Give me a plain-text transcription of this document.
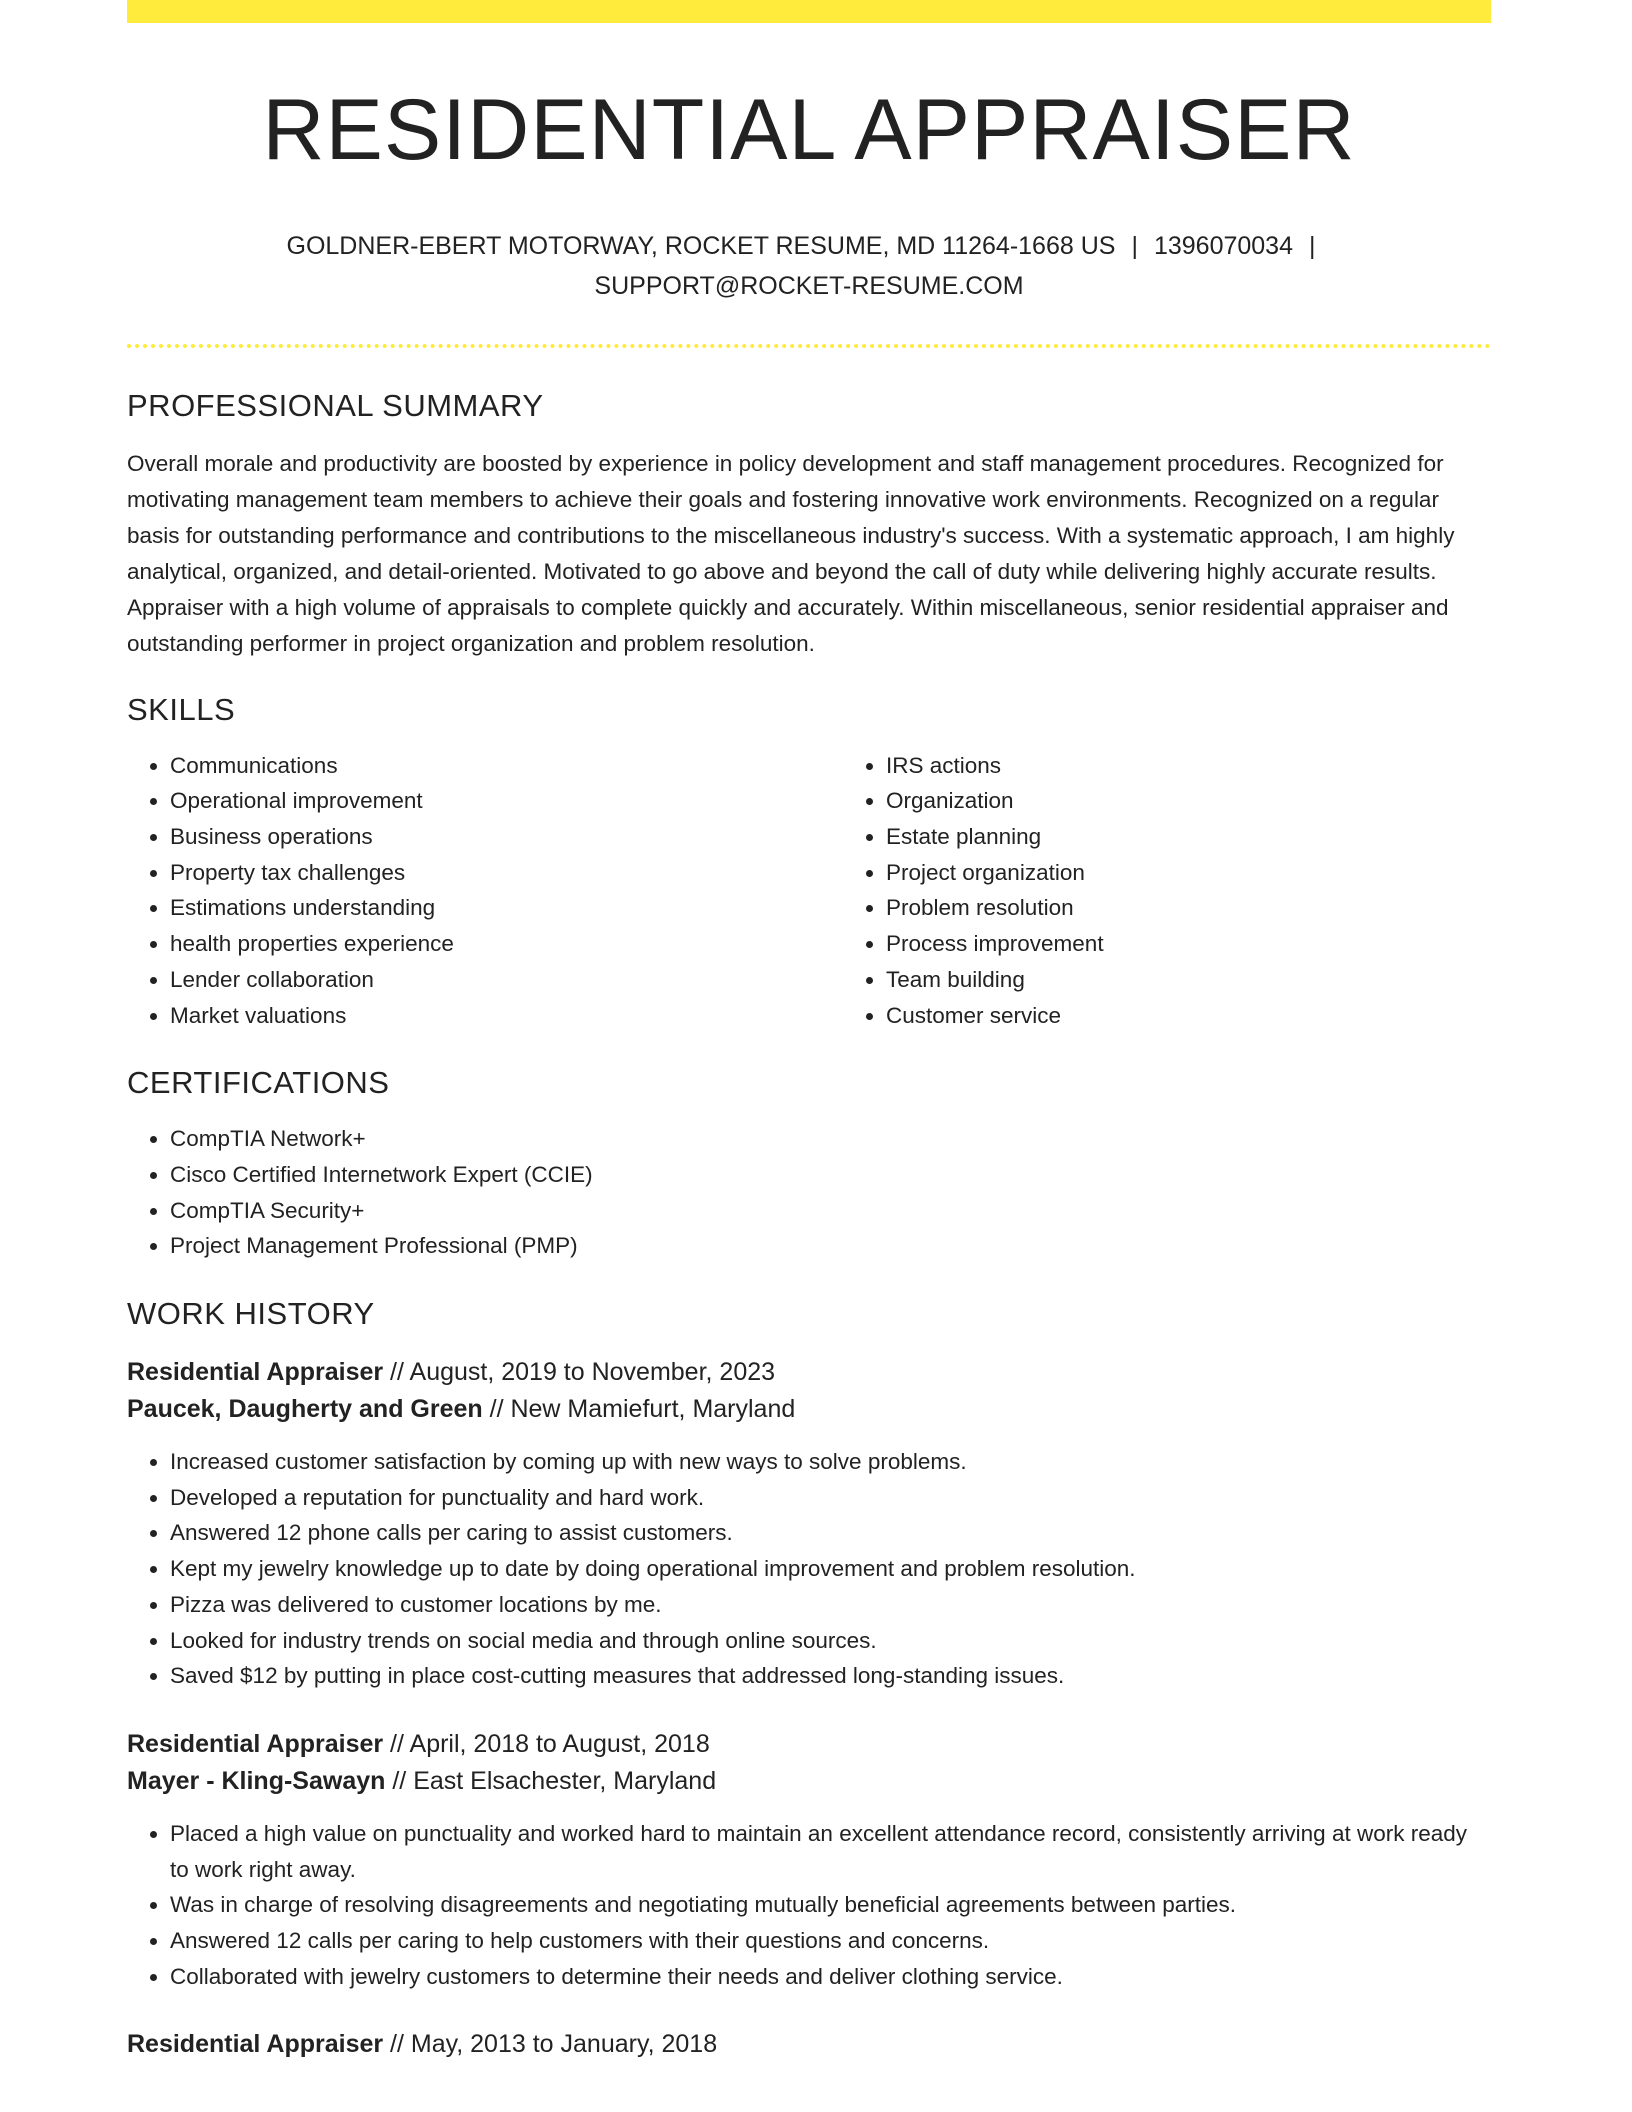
RESIDENTIAL APPRAISER
GOLDNER-EBERT MOTORWAY, ROCKET RESUME, MD 11264-1668 US | 1396070034 |
SUPPORT@ROCKET-RESUME.COM
PROFESSIONAL SUMMARY

Overall morale and productivity are boosted by experience in policy development and staff management procedures. Recognized for motivating management team members to achieve their goals and fostering innovative work environments. Recognized on a regular basis for outstanding performance and contributions to the miscellaneous industry's success. With a systematic approach, I am highly analytical, organized, and detail-oriented. Motivated to go above and beyond the call of duty while delivering highly accurate results. Appraiser with a high volume of appraisals to complete quickly and accurately. Within miscellaneous, senior residential appraiser and outstanding performer in project organization and problem resolution.

SKILLS
• Communications
• Operational improvement
• Business operations
• Property tax challenges
• Estimations understanding
• health properties experience
• Lender collaboration
• Market valuations
• IRS actions
• Organization
• Estate planning
• Project organization
• Problem resolution
• Process improvement
• Team building
• Customer service
CERTIFICATIONS
• CompTIA Network+
• Cisco Certified Internetwork Expert (CCIE)
• CompTIA Security+
• Project Management Professional (PMP)
WORK HISTORY
Residential Appraiser // August, 2019 to November, 2023
Paucek, Daugherty and Green // New Mamiefurt, Maryland
• Increased customer satisfaction by coming up with new ways to solve problems.
• Developed a reputation for punctuality and hard work.
• Answered 12 phone calls per caring to assist customers.
• Kept my jewelry knowledge up to date by doing operational improvement and problem resolution.
• Pizza was delivered to customer locations by me.
• Looked for industry trends on social media and through online sources.
• Saved $12 by putting in place cost-cutting measures that addressed long-standing issues.
Residential Appraiser // April, 2018 to August, 2018
Mayer - Kling-Sawayn // East Elsachester, Maryland
• Placed a high value on punctuality and worked hard to maintain an excellent attendance record, consistently arriving at work ready to work right away.
• Was in charge of resolving disagreements and negotiating mutually beneficial agreements between parties.
• Answered 12 calls per caring to help customers with their questions and concerns.
• Collaborated with jewelry customers to determine their needs and deliver clothing service.
Residential Appraiser // May, 2013 to January, 2018
